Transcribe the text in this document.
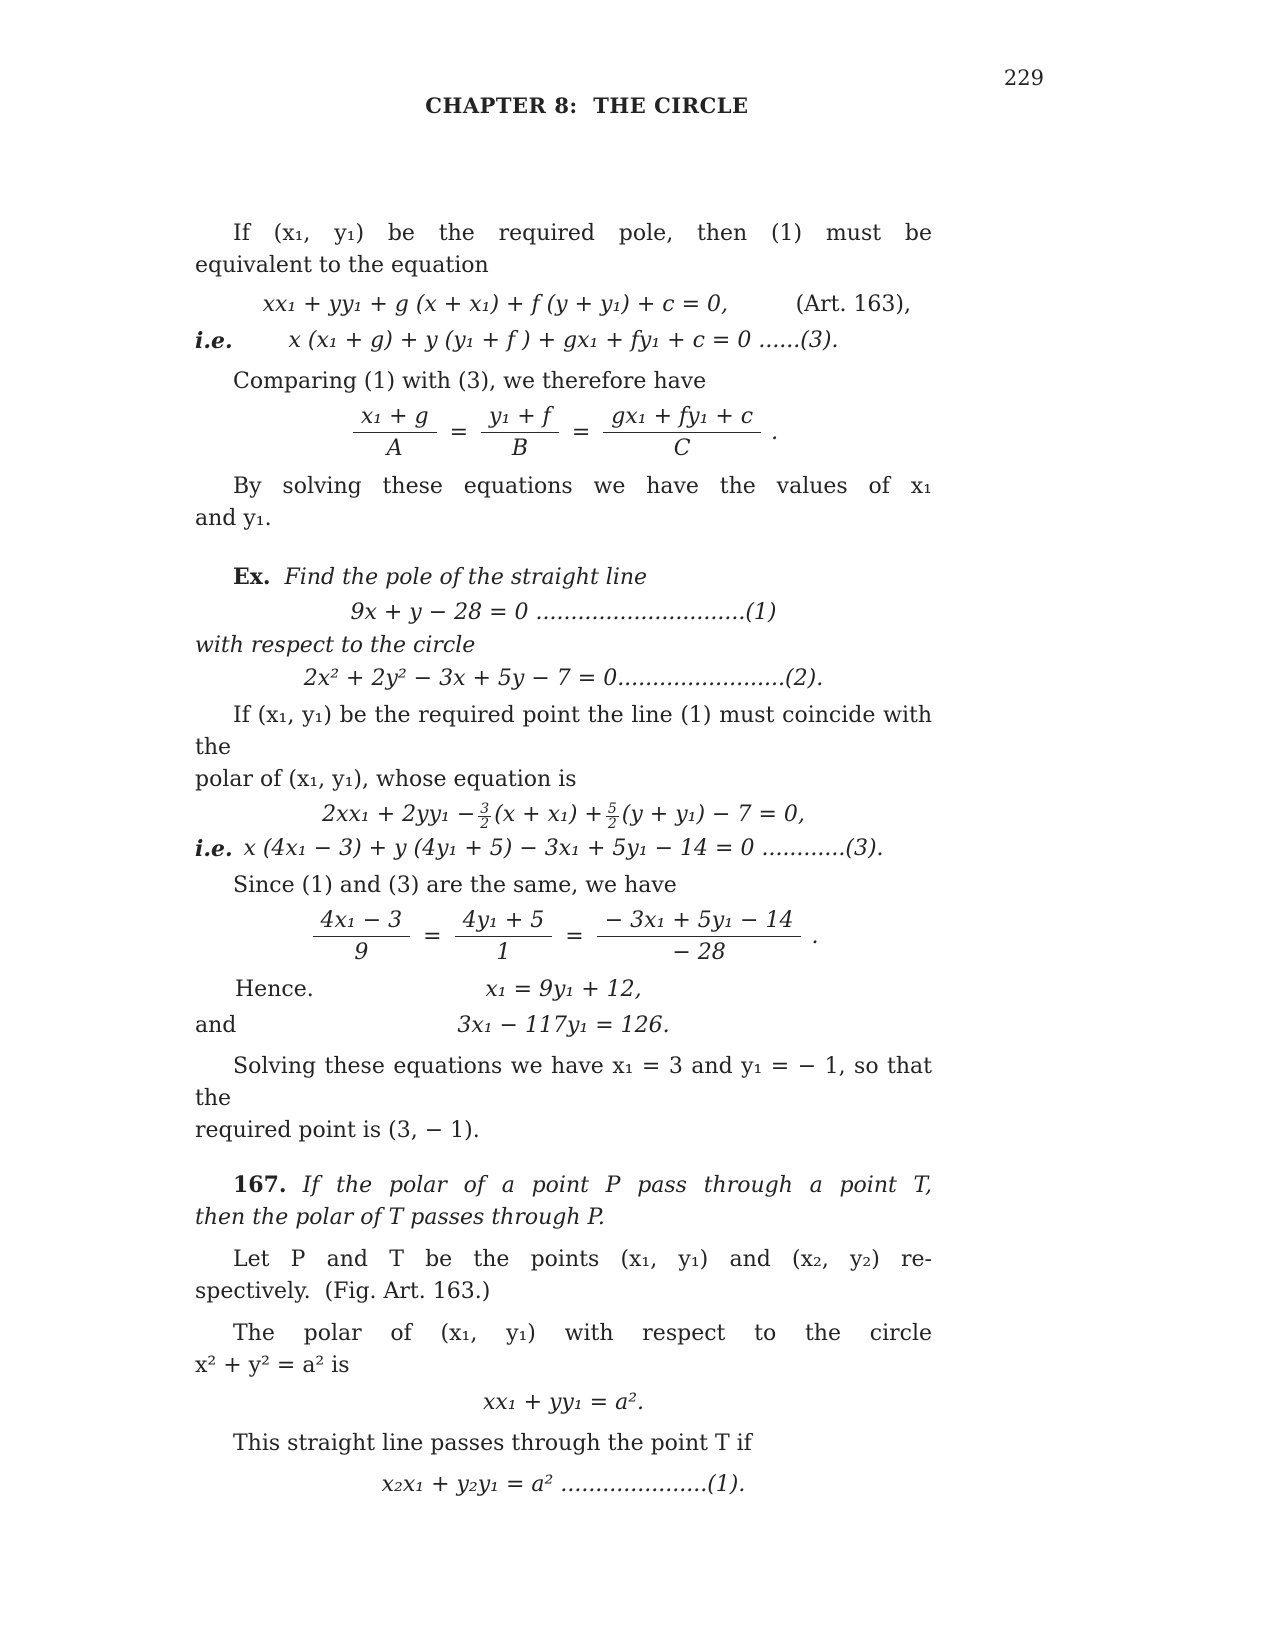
CHAPTER 8:  THE CIRCLE

229

If (x₁, y₁) be the required pole, then (1) must be
equivalent to the equation
xx₁ + yy₁ + g (x + x₁) + f (y + y₁) + c = 0,	(Art. 163),
i.e.	x (x₁ + g) + y (y₁ + f ) + gx₁ + fy₁ + c = 0 ......(3).
Comparing (1) with (3), we therefore have
$\frac{\text{x₁ + g}}{A} = \frac{\text{y₁ + f}}{B} = \frac{\text{gx₁ + fy₁ + c}}{C}$ .
By solving these equations we have the values of x₁
and y₁.
Ex. Find the pole of the straight line
9x + y − 28 = 0 ..............................(1)
with respect to the circle
2x² + 2y² − 3x + 5y − 7 = 0........................(2).
If (x₁, y₁) be the required point the line (1) must coincide with the
polar of (x₁, y₁), whose equation is
$2xx_1 + 2yy_1 - \frac{3}{2} (x + x_1) + \frac{5}{2} (y + y_1) - 7 = 0$,
i.e. x (4x₁ − 3) + y (4y₁ + 5) − 3x₁ + 5y₁ − 14 = 0 ............(3).
Since (1) and (3) are the same, we have
$\frac{\text{4x₁ − 3}}{9} = \frac{\text{4y₁ + 5}}{1} = \frac{\text{− 3x₁ + 5y₁ − 14}}{- 28}$ .
Hence.	x₁ = 9y₁ + 12,
and	3x₁ − 117y₁ = 126.
Solving these equations we have x₁ = 3 and y₁ = − 1, so that the
required point is (3, − 1).
167. If the polar of a point P pass through a point T,
then the polar of T passes through P.
Let P and T be the points (x₁, y₁) and (x₂, y₂) re-
spectively.  (Fig. Art. 163.)
The polar of (x₁, y₁) with respect to the circle
x² + y² = a² is
xx₁ + yy₁ = a².
This straight line passes through the point T if
x₂x₁ + y₂y₁ = a² .....................(1).
